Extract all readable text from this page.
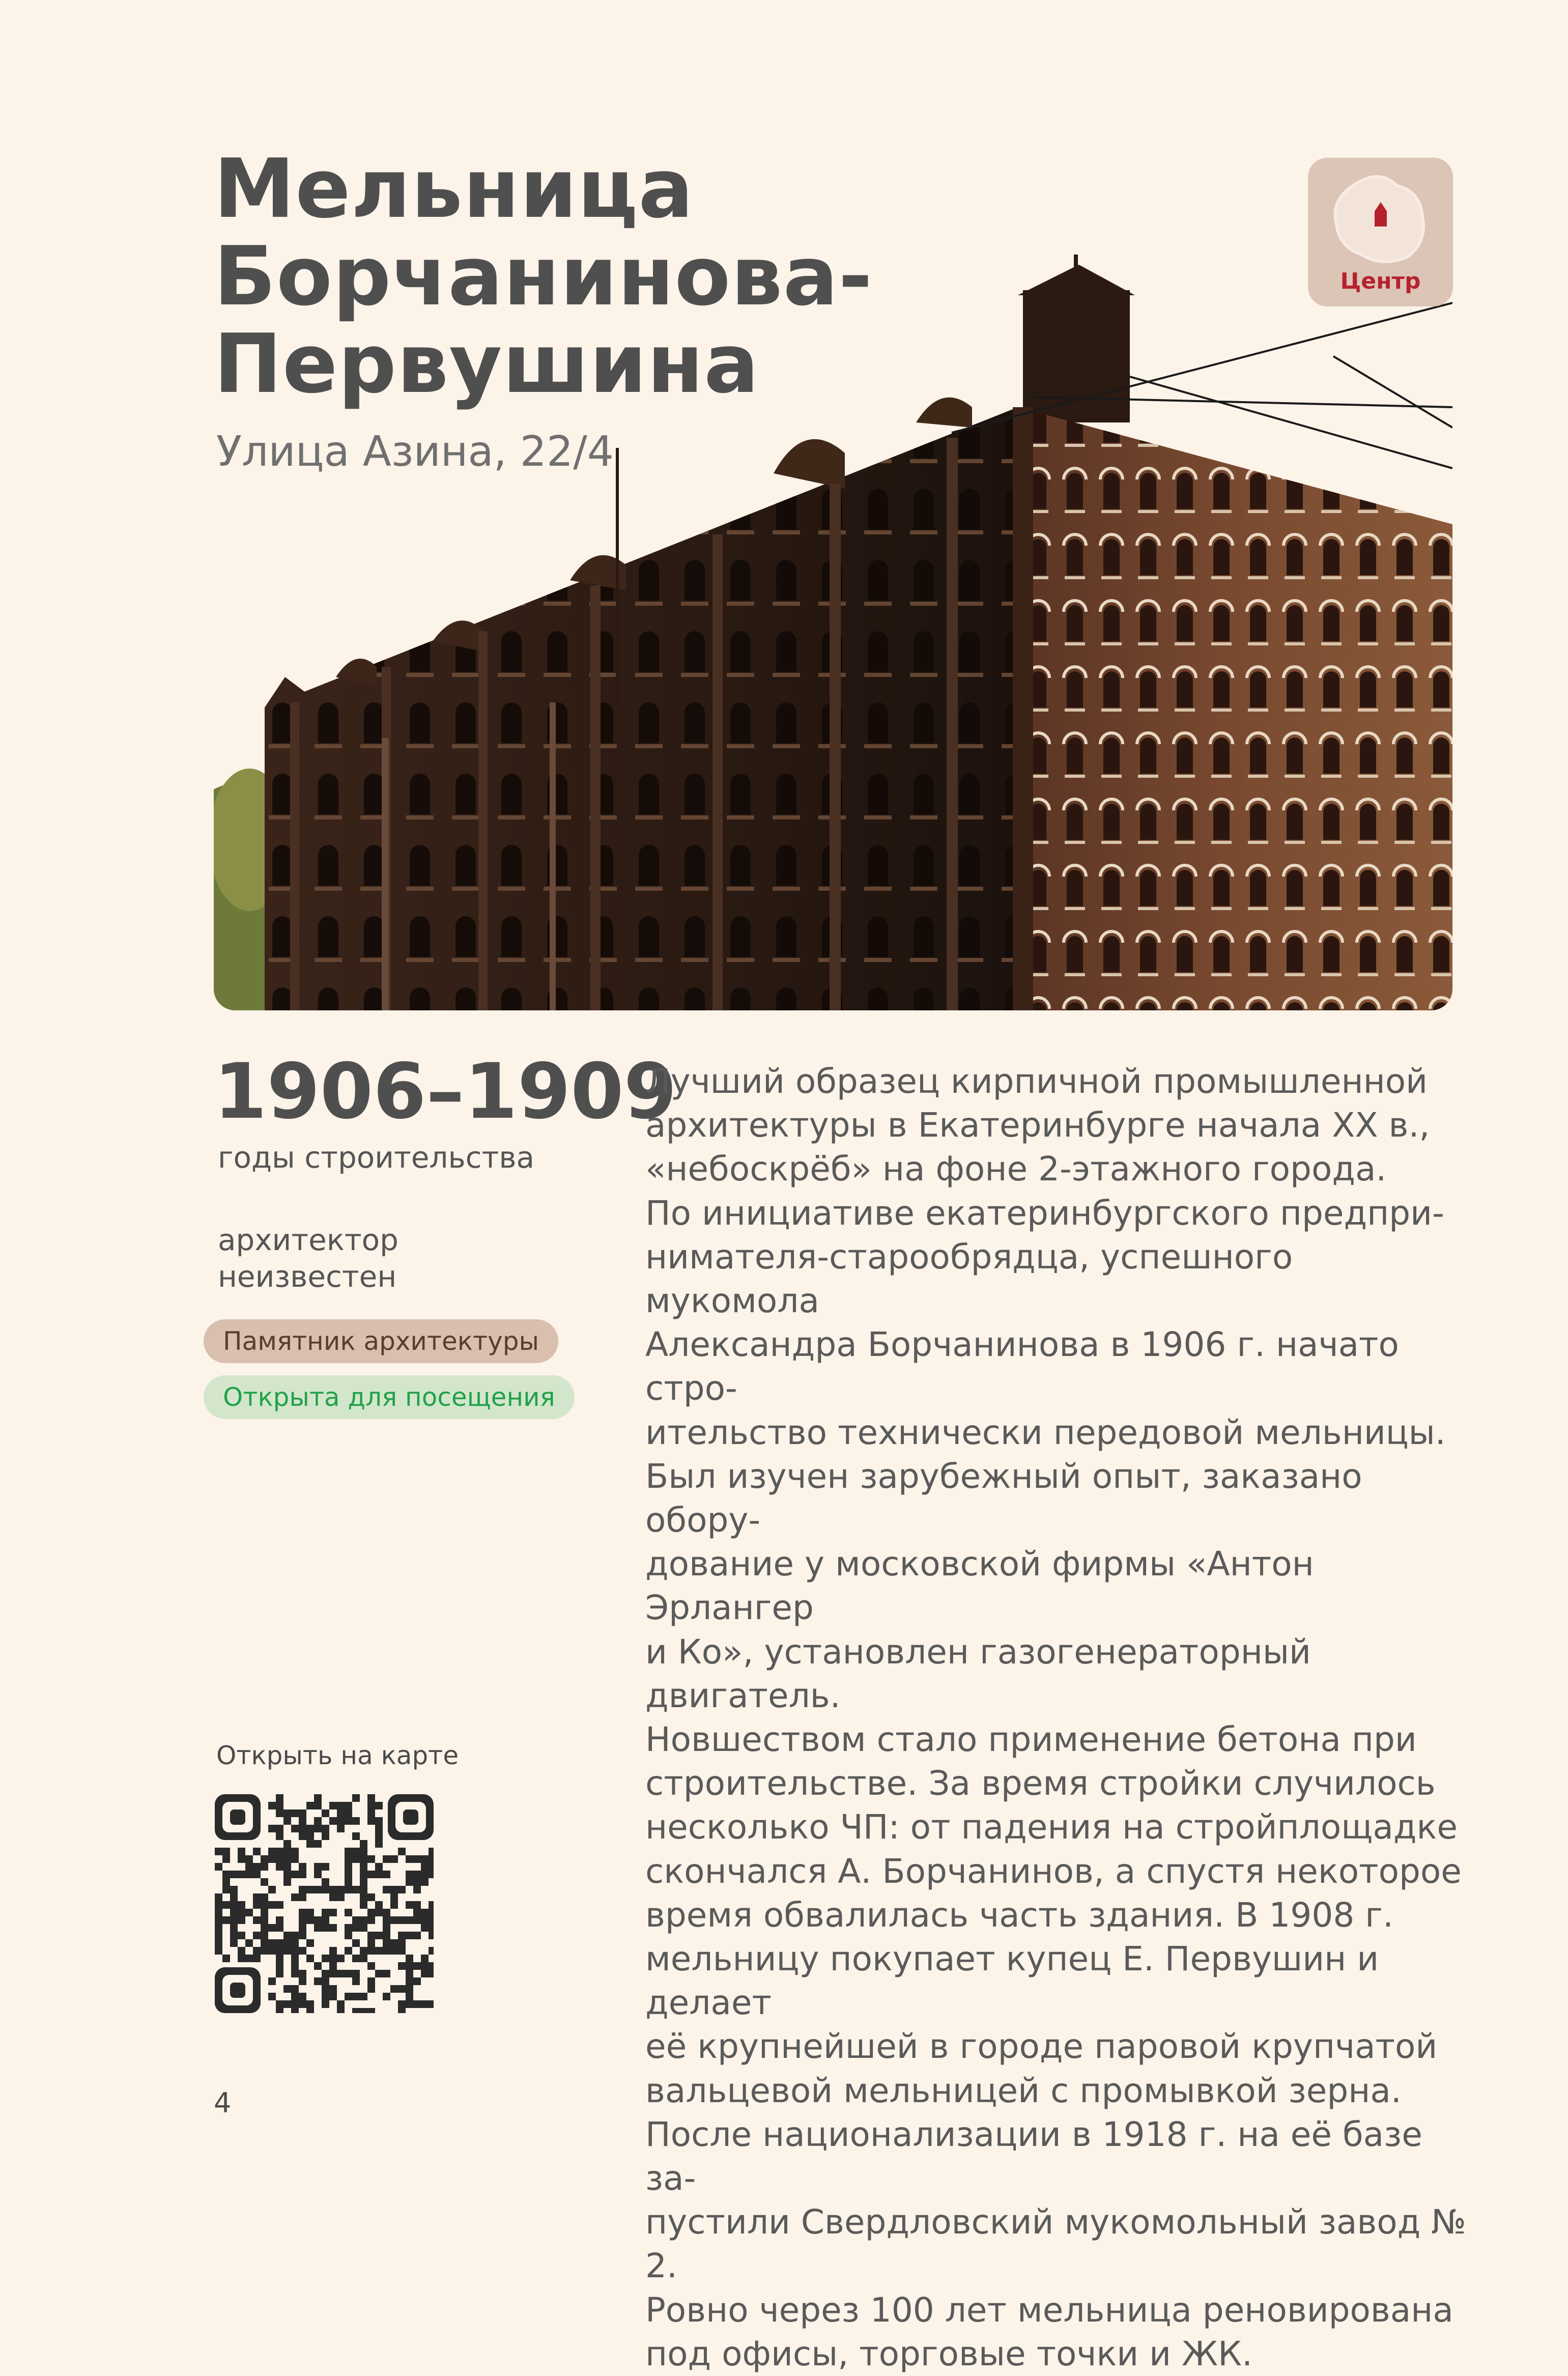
Мельница
Борчанинова-
Первушина
Улица Азина, 22/4
Центр
1906–1909
годы строительства
архитектор неизвестен
Памятник архитектуры
Открыта для посещения
Открыть на карте
Лучший образец кирпичной промышленной
архитектуры в Екатеринбурге начала XX в.,
«небоскрёб» на фоне 2-этажного города.
По инициативе екатеринбургского предпри-
нимателя-старообрядца, успешного мукомола
Александра Борчанинова в 1906 г. начато стро-
ительство технически передовой мельницы.
Был изучен зарубежный опыт, заказано обору-
дование у московской фирмы «Антон Эрлангер
и Ко», установлен газогенераторный двигатель.
Новшеством стало применение бетона при
строительстве. За время стройки случилось
несколько ЧП: от падения на стройплощадке
скончался А. Борчанинов, а спустя некоторое
время обвалилась часть здания. В 1908 г.
мельницу покупает купец Е. Первушин и делает
её крупнейшей в городе паровой крупчатой
вальцевой мельницей с промывкой зерна.
После национализации в 1918 г. на её базе за-
пустили Свердловский мукомольный завод № 2.
Ровно через 100 лет мельница реновирована
под офисы, торговые точки и ЖК.
4
